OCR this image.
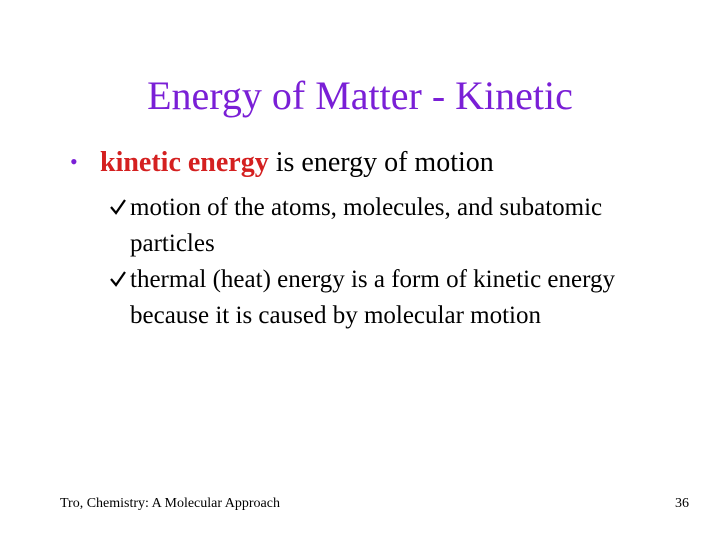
Energy of Matter - Kinetic
• kinetic energy is energy of motion
motion of the atoms, molecules, and subatomic particles
thermal (heat) energy is a form of kinetic energy because it is caused by molecular motion
Tro, Chemistry: A Molecular Approach	36
